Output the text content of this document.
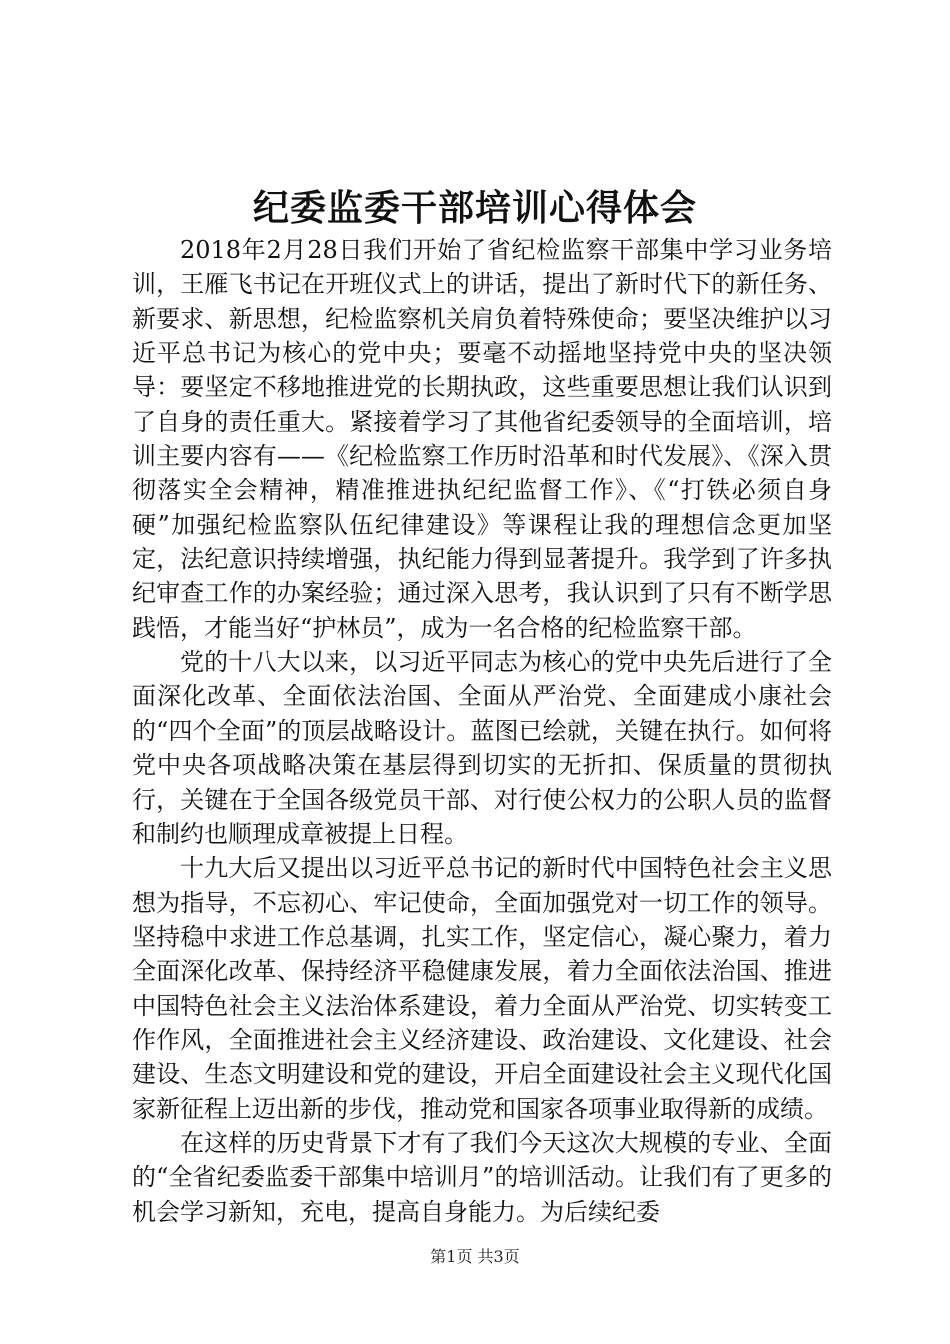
纪委监委干部培训心得体会

2018年2月28日我们开始了省纪检监察干部集中学习业务培训，王雁飞书记在开班仪式上的讲话，提出了新时代下的新任务、新要求、新思想，纪检监察机关肩负着特殊使命；要坚决维护以习近平总书记为核心的党中央；要毫不动摇地坚持党中央的坚决领导：要坚定不移地推进党的长期执政，这些重要思想让我们认识到了自身的责任重大。紧接着学习了其他省纪委领导的全面培训，培训主要内容有——《纪检监察工作历时沿革和时代发展》、《深入贯彻落实全会精神，精准推进执纪纪监督工作》、《“打铁必须自身硬”加强纪检监察队伍纪律建设》等课程让我的理想信念更加坚定，法纪意识持续增强，执纪能力得到显著提升。我学到了许多执纪审查工作的办案经验；通过深入思考，我认识到了只有不断学思践悟，才能当好“护林员”，成为一名合格的纪检监察干部。

党的十八大以来，以习近平同志为核心的党中央先后进行了全面深化改革、全面依法治国、全面从严治党、全面建成小康社会的“四个全面”的顶层战略设计。蓝图已绘就，关键在执行。如何将党中央各项战略决策在基层得到切实的无折扣、保质量的贯彻执行，关键在于全国各级党员干部、对行使公权力的公职人员的监督和制约也顺理成章被提上日程。

十九大后又提出以习近平总书记的新时代中国特色社会主义思想为指导，不忘初心、牢记使命，全面加强党对一切工作的领导。坚持稳中求进工作总基调，扎实工作，坚定信心，凝心聚力，着力全面深化改革、保持经济平稳健康发展，着力全面依法治国、推进中国特色社会主义法治体系建设，着力全面从严治党、切实转变工作作风，全面推进社会主义经济建设、政治建设、文化建设、社会建设、生态文明建设和党的建设，开启全面建设社会主义现代化国家新征程上迈出新的步伐，推动党和国家各项事业取得新的成绩。

在这样的历史背景下才有了我们今天这次大规模的专业、全面的“全省纪委监委干部集中培训月”的培训活动。让我们有了更多的机会学习新知，充电，提高自身能力。为后续纪委

第1页 共3页
